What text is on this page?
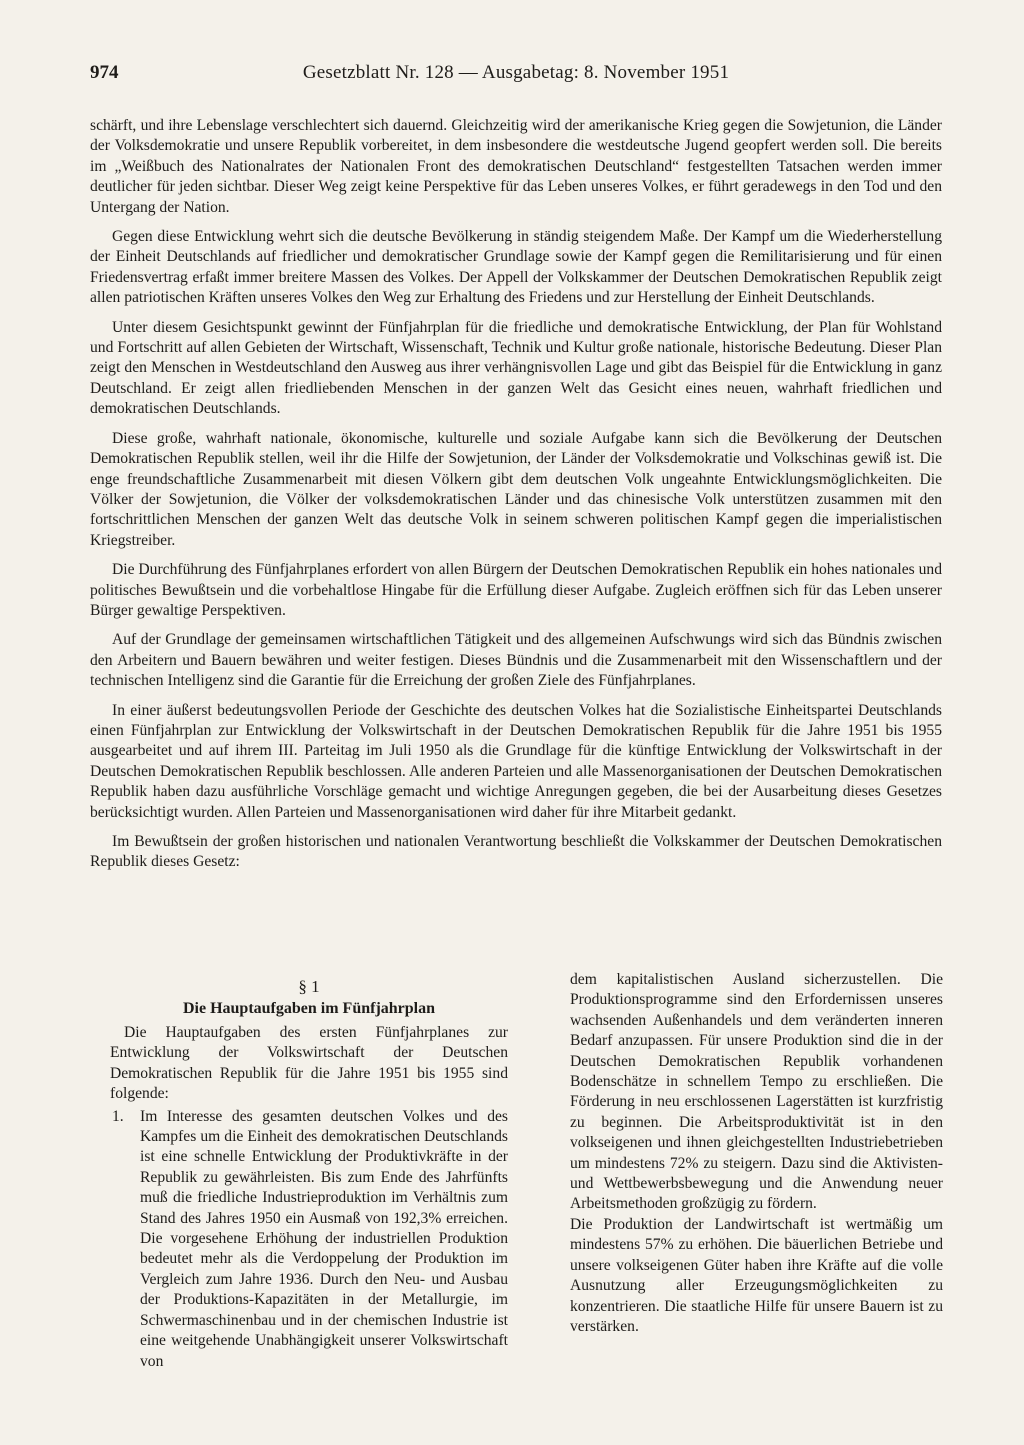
974	Gesetzblatt Nr. 128 — Ausgabetag: 8. November 1951

schärft, und ihre Lebenslage verschlechtert sich dauernd. Gleichzeitig wird der amerikanische Krieg gegen die Sowjetunion, die Länder der Volksdemokratie und unsere Republik vorbereitet, in dem insbesondere die westdeutsche Jugend geopfert werden soll. Die bereits im „Weißbuch des Nationalrates der Nationalen Front des demokratischen Deutschland“ festgestellten Tatsachen werden immer deutlicher für jeden sichtbar. Dieser Weg zeigt keine Perspektive für das Leben unseres Volkes, er führt geradewegs in den Tod und den Untergang der Nation.

Gegen diese Entwicklung wehrt sich die deutsche Bevölkerung in ständig steigendem Maße. Der Kampf um die Wiederherstellung der Einheit Deutschlands auf friedlicher und demokratischer Grundlage sowie der Kampf gegen die Remilitarisierung und für einen Friedensvertrag erfaßt immer breitere Massen des Volkes. Der Appell der Volkskammer der Deutschen Demokratischen Republik zeigt allen patriotischen Kräften unseres Volkes den Weg zur Erhaltung des Friedens und zur Herstellung der Einheit Deutschlands.

Unter diesem Gesichtspunkt gewinnt der Fünfjahrplan für die friedliche und demokratische Entwicklung, der Plan für Wohlstand und Fortschritt auf allen Gebieten der Wirtschaft, Wissenschaft, Technik und Kultur große nationale, historische Bedeutung. Dieser Plan zeigt den Menschen in Westdeutschland den Ausweg aus ihrer verhängnisvollen Lage und gibt das Beispiel für die Entwicklung in ganz Deutschland. Er zeigt allen friedliebenden Menschen in der ganzen Welt das Gesicht eines neuen, wahrhaft friedlichen und demokratischen Deutschlands.

Diese große, wahrhaft nationale, ökonomische, kulturelle und soziale Aufgabe kann sich die Bevölkerung der Deutschen Demokratischen Republik stellen, weil ihr die Hilfe der Sowjetunion, der Länder der Volksdemokratie und Volkschinas gewiß ist. Die enge freundschaftliche Zusammenarbeit mit diesen Völkern gibt dem deutschen Volk ungeahnte Entwicklungsmöglichkeiten. Die Völker der Sowjetunion, die Völker der volksdemokratischen Länder und das chinesische Volk unterstützen zusammen mit den fortschrittlichen Menschen der ganzen Welt das deutsche Volk in seinem schweren politischen Kampf gegen die imperialistischen Kriegstreiber.

Die Durchführung des Fünfjahrplanes erfordert von allen Bürgern der Deutschen Demokratischen Republik ein hohes nationales und politisches Bewußtsein und die vorbehaltlose Hingabe für die Erfüllung dieser Aufgabe. Zugleich eröffnen sich für das Leben unserer Bürger gewaltige Perspektiven.

Auf der Grundlage der gemeinsamen wirtschaftlichen Tätigkeit und des allgemeinen Aufschwungs wird sich das Bündnis zwischen den Arbeitern und Bauern bewähren und weiter festigen. Dieses Bündnis und die Zusammenarbeit mit den Wissenschaftlern und der technischen Intelligenz sind die Garantie für die Erreichung der großen Ziele des Fünfjahrplanes.

In einer äußerst bedeutungsvollen Periode der Geschichte des deutschen Volkes hat die Sozialistische Einheitspartei Deutschlands einen Fünfjahrplan zur Entwicklung der Volkswirtschaft in der Deutschen Demokratischen Republik für die Jahre 1951 bis 1955 ausgearbeitet und auf ihrem III. Parteitag im Juli 1950 als die Grundlage für die künftige Entwicklung der Volkswirtschaft in der Deutschen Demokratischen Republik beschlossen. Alle anderen Parteien und alle Massenorganisationen der Deutschen Demokratischen Republik haben dazu ausführliche Vorschläge gemacht und wichtige Anregungen gegeben, die bei der Ausarbeitung dieses Gesetzes berücksichtigt wurden. Allen Parteien und Massenorganisationen wird daher für ihre Mitarbeit gedankt.

Im Bewußtsein der großen historischen und nationalen Verantwortung beschließt die Volkskammer der Deutschen Demokratischen Republik dieses Gesetz:

§ 1
Die Hauptaufgaben im Fünfjahrplan

Die Hauptaufgaben des ersten Fünfjahrplanes zur Entwicklung der Volkswirtschaft der Deutschen Demokratischen Republik für die Jahre 1951 bis 1955 sind folgende:

1.	Im Interesse des gesamten deutschen Volkes und des Kampfes um die Einheit des demokratischen Deutschlands ist eine schnelle Entwicklung der Produktivkräfte in der Republik zu gewährleisten. Bis zum Ende des Jahrfünfts muß die friedliche Industrieproduktion im Verhältnis zum Stand des Jahres 1950 ein Ausmaß von 192,3% erreichen. Die vorgesehene Erhöhung der industriellen Produktion bedeutet mehr als die Verdoppelung der Produktion im Vergleich zum Jahre 1936. Durch den Neu- und Ausbau der Produktions-Kapazitäten in der Metallurgie, im Schwermaschinenbau und in der chemischen Industrie ist eine weitgehende Unabhängigkeit unserer Volkswirtschaft von

dem kapitalistischen Ausland sicherzustellen. Die Produktionsprogramme sind den Erfordernissen unseres wachsenden Außenhandels und dem veränderten inneren Bedarf anzupassen. Für unsere Produktion sind die in der Deutschen Demokratischen Republik vorhandenen Bodenschätze in schnellem Tempo zu erschließen. Die Förderung in neu erschlossenen Lagerstätten ist kurzfristig zu beginnen. Die Arbeitsproduktivität ist in den volkseigenen und ihnen gleichgestellten Industriebetrieben um mindestens 72% zu steigern. Dazu sind die Aktivisten- und Wettbewerbsbewegung und die Anwendung neuer Arbeitsmethoden großzügig zu fördern.

Die Produktion der Landwirtschaft ist wertmäßig um mindestens 57% zu erhöhen. Die bäuerlichen Betriebe und unsere volkseigenen Güter haben ihre Kräfte auf die volle Ausnutzung aller Erzeugungsmöglichkeiten zu konzentrieren. Die staatliche Hilfe für unsere Bauern ist zu verstärken.
